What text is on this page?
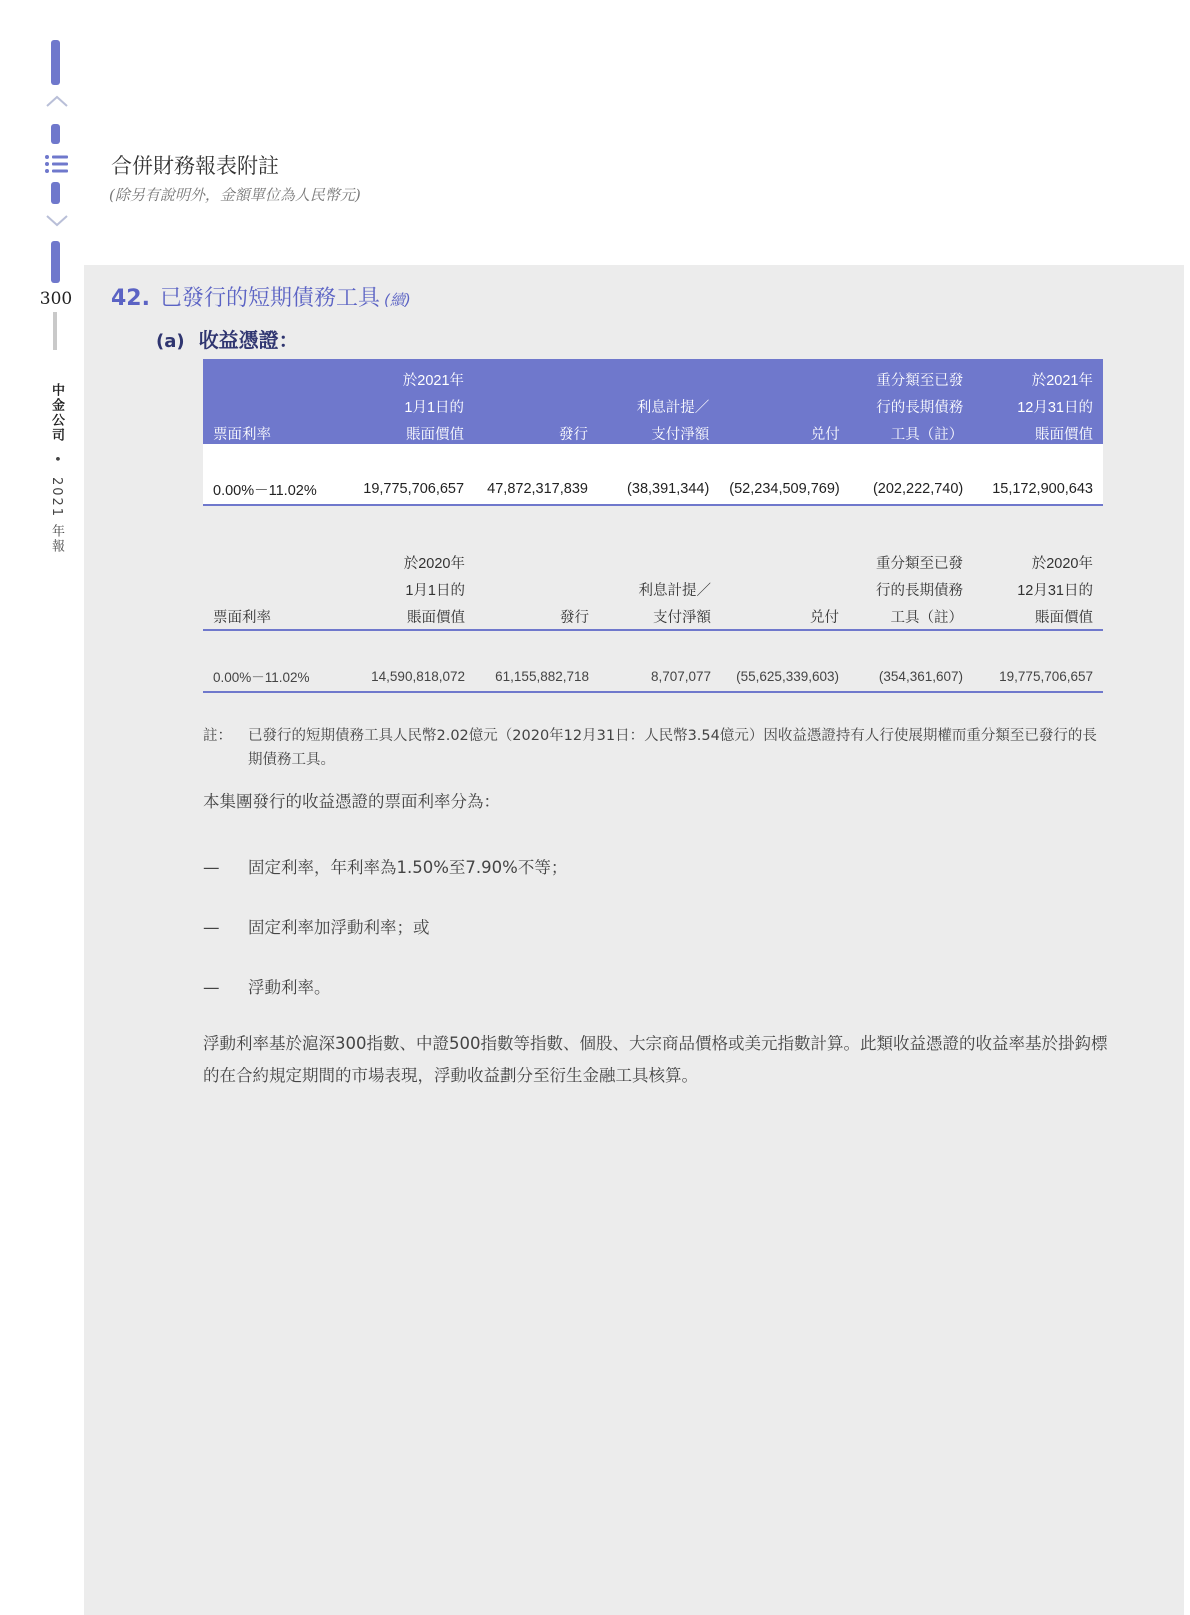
300
中金公司 • 2021 年報
合併財務報表附註
(除另有說明外，金額單位為人民幣元)
42. 已發行的短期債務工具 (續)
(a) 收益憑證：
	於2021年				重分類至已發	於2021年
	1月1日的		利息計提／		行的長期債務	12月31日的
票面利率	賬面價值	發行	支付淨額	兑付	工具（註）	賬面價值

0.00%－11.02%	19,775,706,657	47,872,317,839	(38,391,344)	(52,234,509,769)	(202,222,740)	15,172,900,643
	於2020年				重分類至已發	於2020年
	1月1日的		利息計提／		行的長期債務	12月31日的
票面利率	賬面價值	發行	支付淨額	兑付	工具（註）	賬面價值

0.00%－11.02%	14,590,818,072	61,155,882,718	8,707,077	(55,625,339,603)	(354,361,607)	19,775,706,657
註： 已發行的短期債務工具人民幣2.02億元（2020年12月31日：人民幣3.54億元）因收益憑證持有人行使展期權而重分類至已發行的長期債務工具。
本集團發行的收益憑證的票面利率分為：
— 固定利率，年利率為1.50%至7.90%不等；
— 固定利率加浮動利率；或
— 浮動利率。
浮動利率基於滬深300指數、中證500指數等指數、個股、大宗商品價格或美元指數計算。此類收益憑證的收益率基於掛鈎標的在合約規定期間的市場表現，浮動收益劃分至衍生金融工具核算。
